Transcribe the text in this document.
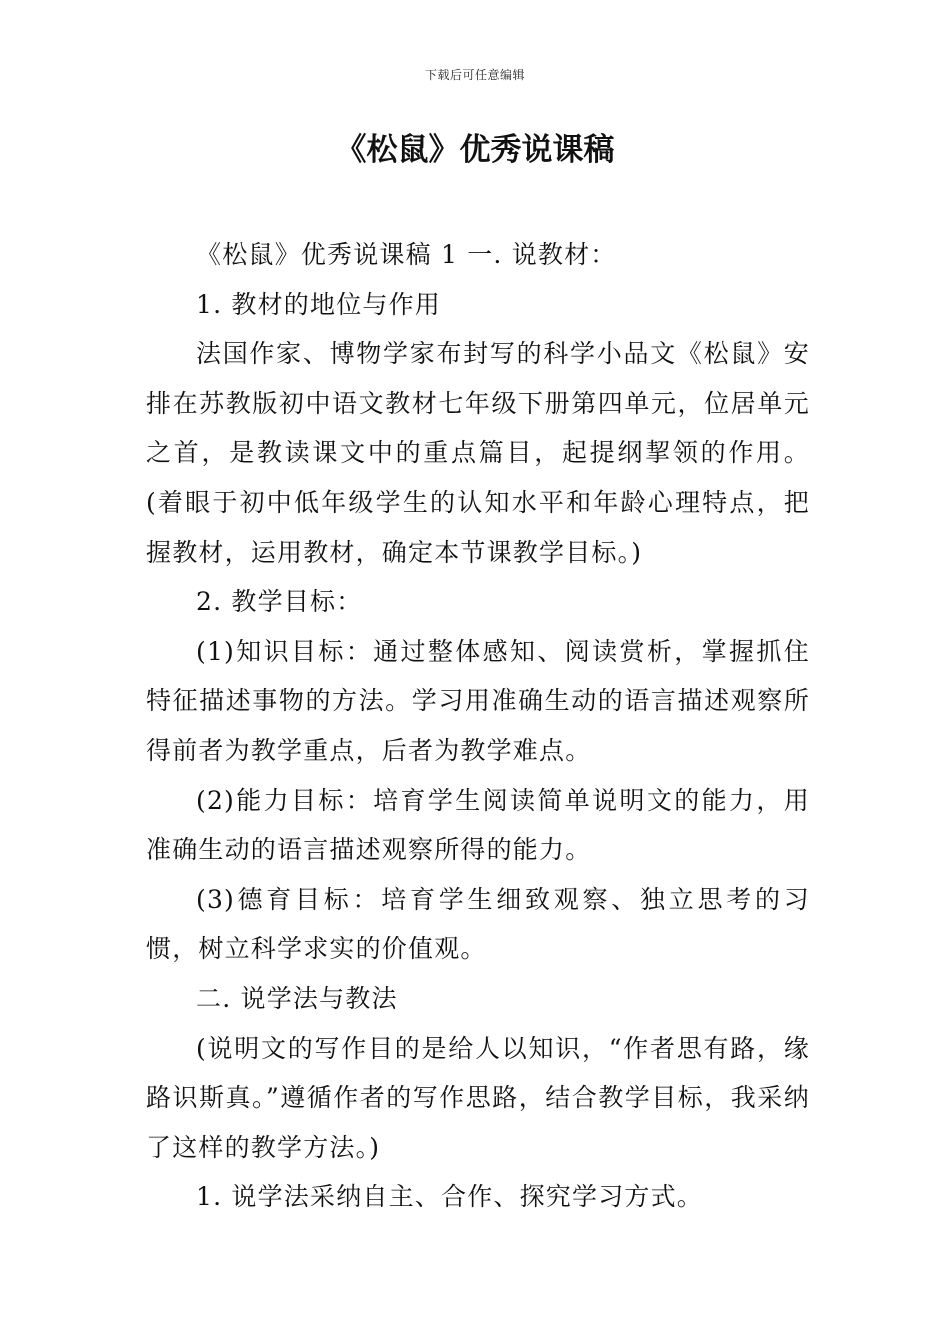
下载后可任意编辑
《松鼠》优秀说课稿

《松鼠》优秀说课稿 1 一. 说教材：

1. 教材的地位与作用

法国作家、博物学家布封写的科学小品文《松鼠》安排在苏教版初中语文教材七年级下册第四单元，位居单元之首，是教读课文中的重点篇目，起提纲挈领的作用。(着眼于初中低年级学生的认知水平和年龄心理特点，把握教材，运用教材，确定本节课教学目标。)

2. 教学目标：

(1)知识目标：通过整体感知、阅读赏析，掌握抓住特征描述事物的方法。学习用准确生动的语言描述观察所得前者为教学重点，后者为教学难点。

(2)能力目标：培育学生阅读简单说明文的能力，用准确生动的语言描述观察所得的能力。

(3)德育目标：培育学生细致观察、独立思考的习惯，树立科学求实的价值观。

二. 说学法与教法

(说明文的写作目的是给人以知识，“作者思有路，缘路识斯真。”遵循作者的写作思路，结合教学目标，我采纳了这样的教学方法。)

1. 说学法采纳自主、合作、探究学习方式。
